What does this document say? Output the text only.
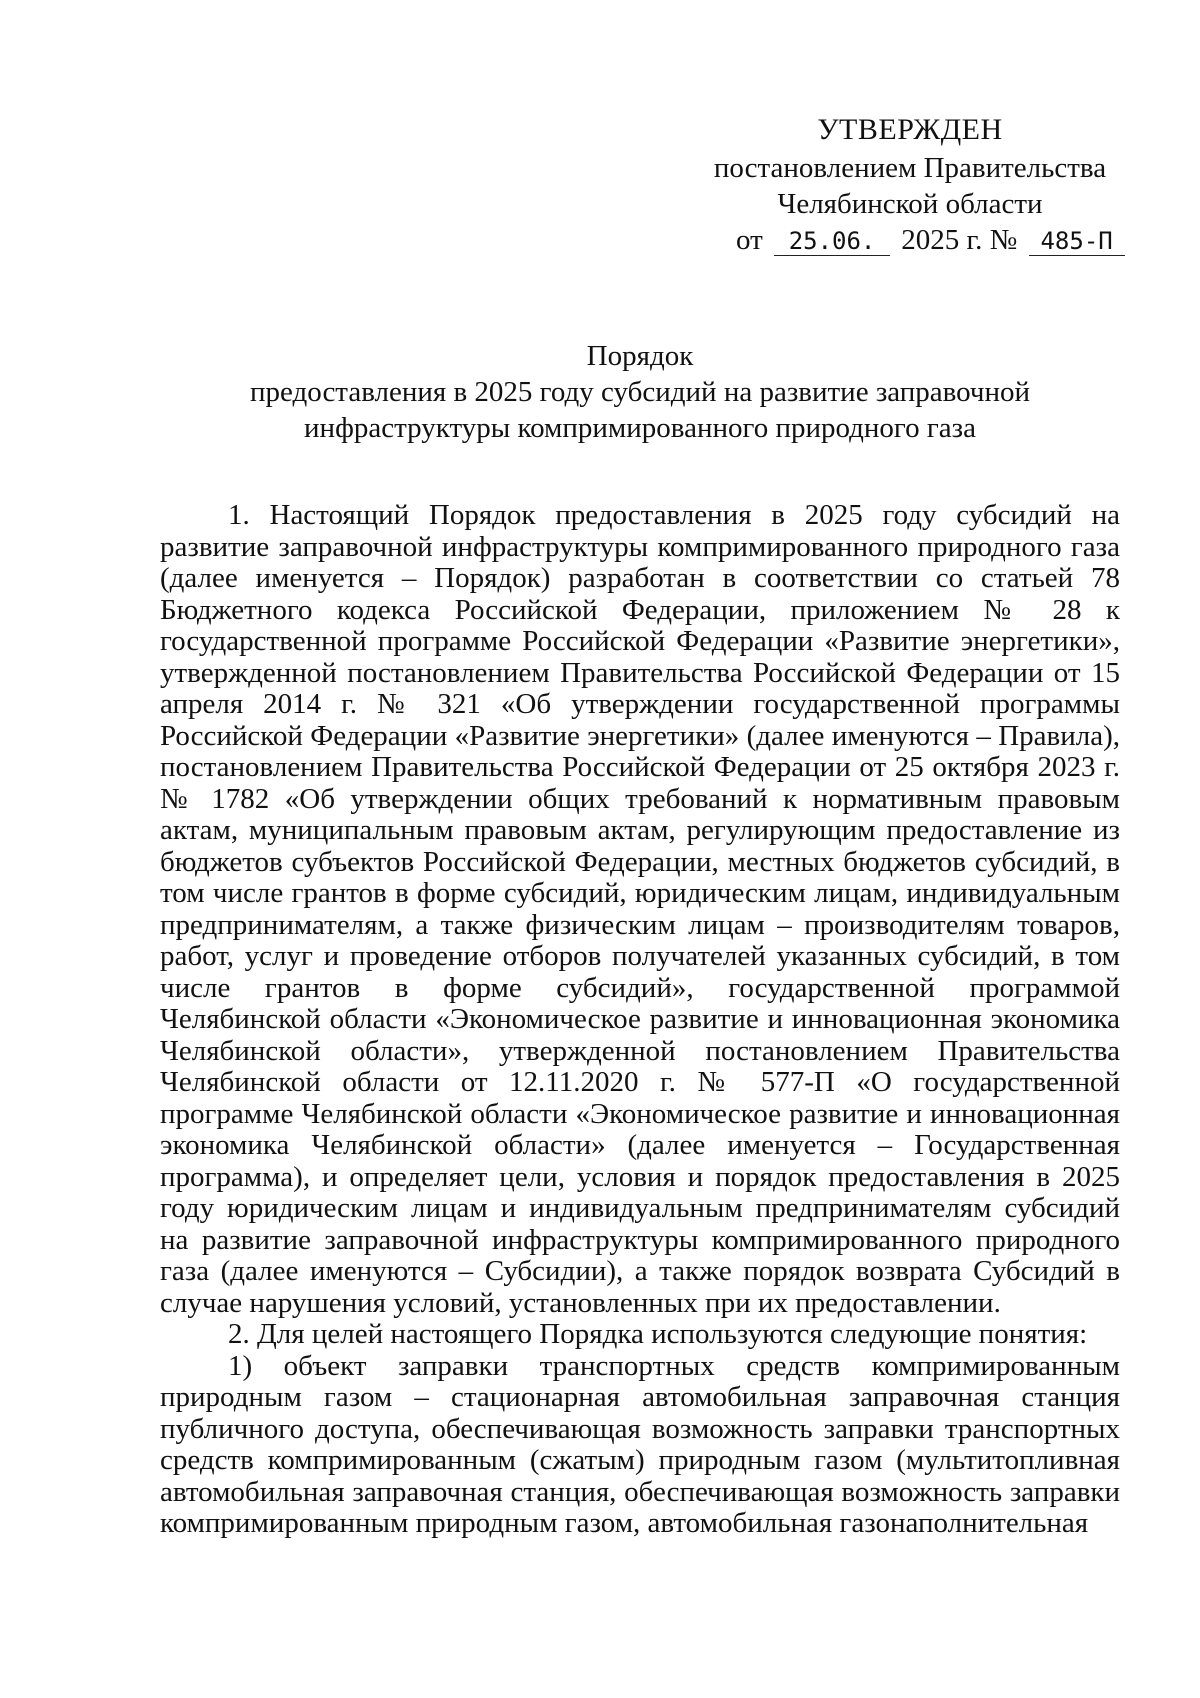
УТВЕРЖДЕН
постановлением Правительства
Челябинской области
от 25.06. 2025 г. № 485-П
Порядок
предоставления в 2025 году субсидий на развитие заправочной
инфраструктуры компримированного природного газа

1. Настоящий Порядок предоставления в 2025 году субсидий на развитие заправочной инфраструктуры компримированного природного газа (далее именуется – Порядок) разработан в соответствии со статьей 78 Бюджетного кодекса Российской Федерации, приложением № 28 к государственной программе Российской Федерации «Развитие энергетики», утвержденной постановлением Правительства Российской Федерации от 15 апреля 2014 г. № 321 «Об утверждении государственной программы Российской Федерации «Развитие энергетики» (далее именуются – Правила), постановлением Правительства Российской Федерации от 25 октября 2023 г. № 1782 «Об утверждении общих требований к нормативным правовым актам, муниципальным правовым актам, регулирующим предоставление из бюджетов субъектов Российской Федерации, местных бюджетов субсидий, в том числе грантов в форме субсидий, юридическим лицам, индивидуальным предпринимателям, а также физическим лицам – производителям товаров, работ, услуг и проведение отборов получателей указанных субсидий, в том числе грантов в форме субсидий», государственной программой Челябинской области «Экономическое развитие и инновационная экономика Челябинской области», утвержденной постановлением Правительства Челябинской области от 12.11.2020 г. № 577-П «О государственной программе Челябинской области «Экономическое развитие и инновационная экономика Челябинской области» (далее именуется – Государственная программа), и определяет цели, условия и порядок предоставления в 2025 году юридическим лицам и индивидуальным предпринимателям субсидий на развитие заправочной инфраструктуры компримированного природного газа (далее именуются – Субсидии), а также порядок возврата Субсидий в случае нарушения условий, установленных при их предоставлении.

2. Для целей настоящего Порядка используются следующие понятия:

1) объект заправки транспортных средств компримированным природным газом – стационарная автомобильная заправочная станция публичного доступа, обеспечивающая возможность заправки транспортных средств компримированным (сжатым) природным газом (мультитопливная автомобильная заправочная станция, обеспечивающая возможность заправки компримированным природным газом, автомобильная газонаполнительная
